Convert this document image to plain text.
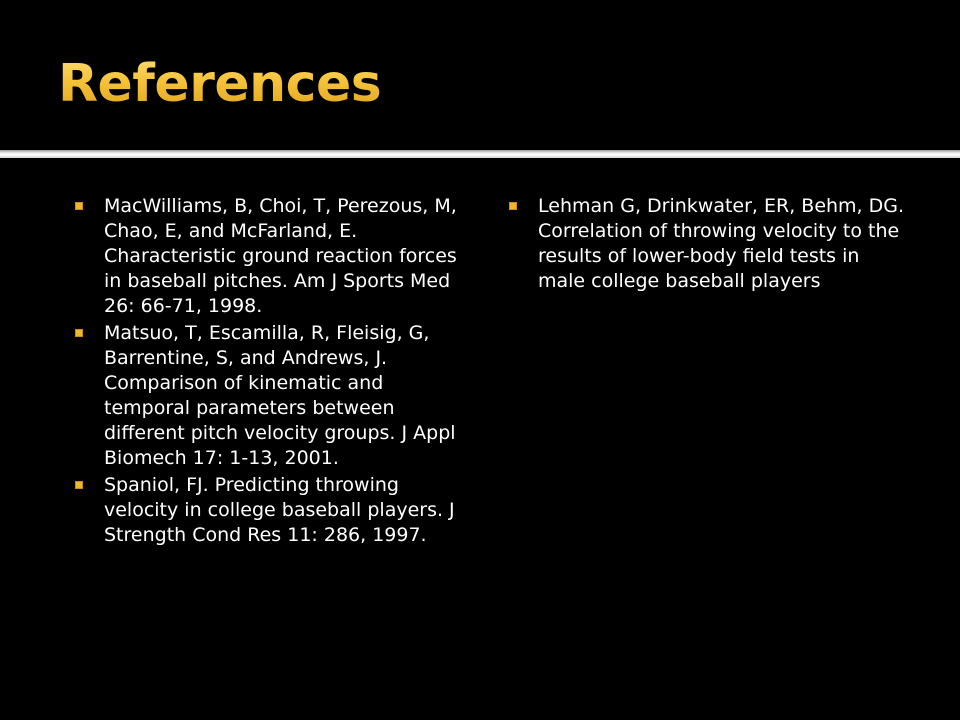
References
MacWilliams, B, Choi, T, Perezous, M, Chao, E, and McFarland, E. Characteristic ground reaction forces in baseball pitches. Am J Sports Med 26: 66-71, 1998.
Matsuo, T, Escamilla, R, Fleisig, G, Barrentine, S, and Andrews, J. Comparison of kinematic and temporal parameters between different pitch velocity groups. J Appl Biomech 17: 1-13, 2001.
Spaniol, FJ. Predicting throwing velocity in college baseball players. J Strength Cond Res 11: 286, 1997.
Lehman G, Drinkwater, ER, Behm, DG. Correlation of throwing velocity to the results of lower-body field tests in male college baseball players
